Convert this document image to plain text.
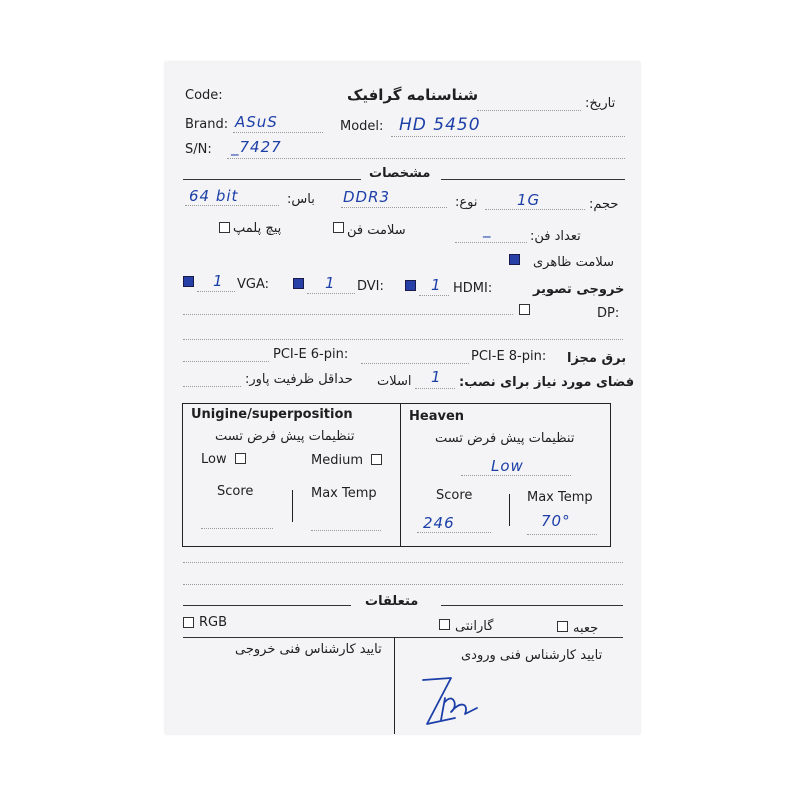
Code:	شناسنامه گرافیک	تاریخ:
Brand: ASuS	Model: HD 5450
S/N: _7427
مشخصات
64 bit	باس: DDR3	نوع:	1G	حجم:
پیچ پلمپ	سلامت فن	_	تعداد فن:
سلامت ظاهری
1 VGA:	1 DVI:	1 HDMI:	خروجی تصویر
DP:
PCI-E 6-pin:	PCI-E 8-pin: برق مجزا
حداقل ظرفیت پاور: اسلات 1 فضای مورد نیاز برای نصب:
Unigine/superposition
تنظیمات پیش فرض تست
Low	Medium
Score	Max Temp
Heaven
تنظیمات پیش فرض تست
Low
Score	Max Temp
246	70°
متعلقات
RGB	گارانتی	جعبه
تایید کارشناس فنی خروجی	تایید کارشناس فنی ورودی
